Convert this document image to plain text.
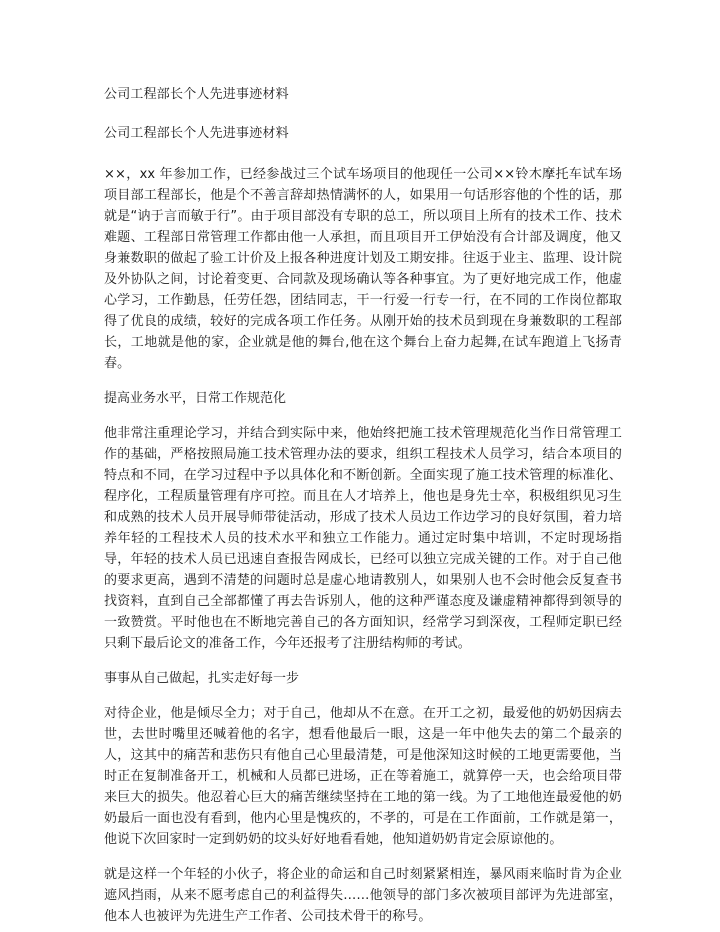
公司工程部长个人先进事迹材料

公司工程部长个人先进事迹材料

××，xx 年参加工作，已经参战过三个试车场项目的他现任一公司××铃木摩托车试车场项目部工程部长，他是个不善言辞却热情满怀的人，如果用一句话形容他的个性的话，那就是“讷于言而敏于行”。由于项目部没有专职的总工，所以项目上所有的技术工作、技术难题、工程部日常管理工作都由他一人承担，而且项目开工伊始没有合计部及调度，他又身兼数职的做起了验工计价及上报各种进度计划及工期安排。往返于业主、监理、设计院及外协队之间，讨论着变更、合同款及现场确认等各种事宜。为了更好地完成工作，他虚心学习，工作勤恳，任劳任怨，团结同志，干一行爱一行专一行，在不同的工作岗位都取得了优良的成绩，较好的完成各项工作任务。从刚开始的技术员到现在身兼数职的工程部长，工地就是他的家，企业就是他的舞台,他在这个舞台上奋力起舞,在试车跑道上飞扬青春。

提高业务水平，日常工作规范化

他非常注重理论学习，并结合到实际中来，他始终把施工技术管理规范化当作日常管理工作的基础，严格按照局施工技术管理办法的要求，组织工程技术人员学习，结合本项目的特点和不同，在学习过程中予以具体化和不断创新。全面实现了施工技术管理的标准化、程序化，工程质量管理有序可控。而且在人才培养上，他也是身先士卒，积极组织见习生和成熟的技术人员开展导师带徒活动，形成了技术人员边工作边学习的良好氛围，着力培养年轻的工程技术人员的技术水平和独立工作能力。通过定时集中培训，不定时现场指导，年轻的技术人员已迅速自查报告网成长，已经可以独立完成关键的工作。对于自己他的要求更高，遇到不清楚的问题时总是虚心地请教别人，如果别人也不会时他会反复查书找资料，直到自己全部都懂了再去告诉别人，他的这种严谨态度及谦虚精神都得到领导的一致赞赏。平时他也在不断地完善自己的各方面知识，经常学习到深夜，工程师定职已经只剩下最后论文的准备工作，今年还报考了注册结构师的考试。

事事从自己做起，扎实走好每一步

对待企业，他是倾尽全力；对于自己，他却从不在意。在开工之初，最爱他的奶奶因病去世，去世时嘴里还喊着他的名字，想看他最后一眼，这是一年中他失去的第二个最亲的人，这其中的痛苦和悲伤只有他自己心里最清楚，可是他深知这时候的工地更需要他，当时正在复制准备开工，机械和人员都已进场，正在等着施工，就算停一天，也会给项目带来巨大的损失。他忍着心巨大的痛苦继续坚持在工地的第一线。为了工地他连最爱他的奶奶最后一面也没有看到，他内心里是愧疚的，不孝的，可是在工作面前，工作就是第一，他说下次回家时一定到奶奶的坟头好好地看看她，他知道奶奶肯定会原谅他的。

就是这样一个年轻的小伙子，将企业的命运和自己时刻紧紧相连，暴风雨来临时肯为企业遮风挡雨，从来不愿考虑自己的利益得失……他领导的部门多次被项目部评为先进部室，他本人也被评为先进生产工作者、公司技术骨干的称号。
